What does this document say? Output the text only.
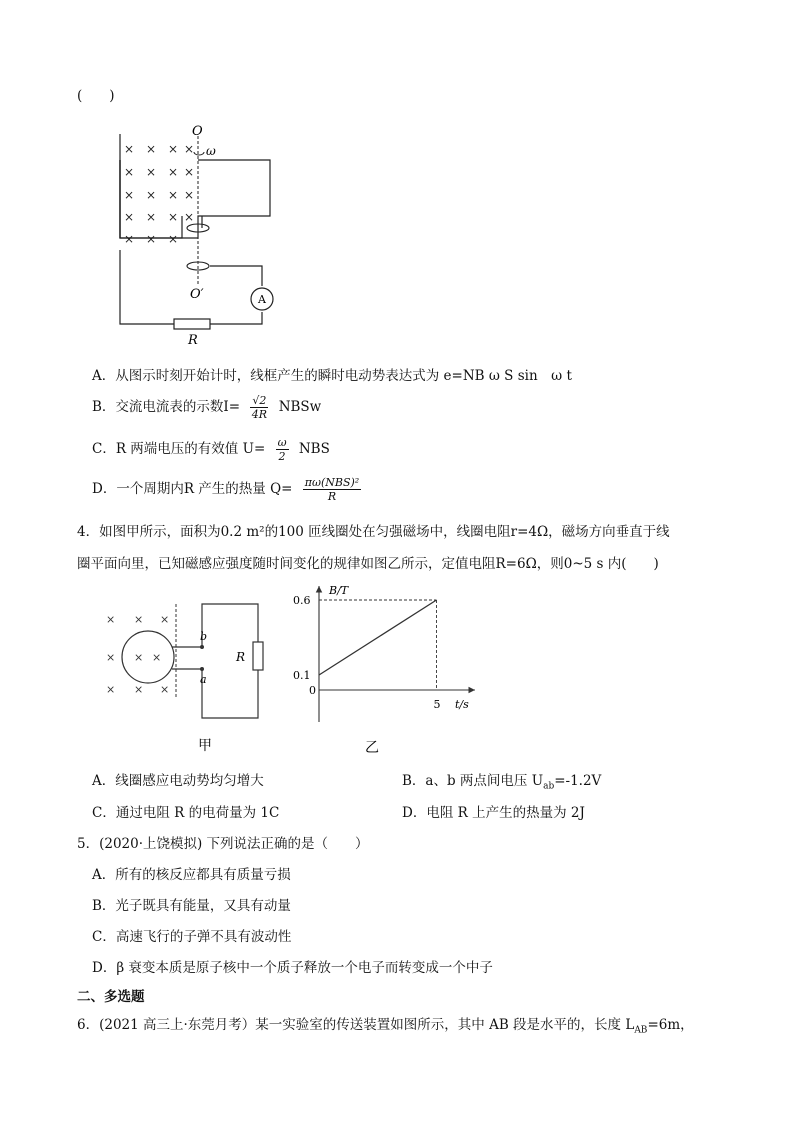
(　　)
A
R
O
ω
O′
× × × ×
× × × ×
× × × ×
× × × ×
× × ×
A．从图示时刻开始计时，线框产生的瞬时电动势表达式为 e=NB ω S sin　ω t
B．交流电流表的示数$I= \frac{√2}{4R}$ NBSw
C．R 两端电压的有效值 $U= \frac{\omega}{2}$ NBS
D．一个周期内R 产生的热量 $Q= \frac{\text{πω(NBS)²}}{R}$
4．如图甲所示，面积为0.2 m²的100 匝线圈处在匀强磁场中，线圈电阻r=4Ω，磁场方向垂直于线
圈平面向里，已知磁感应强度随时间变化的规律如图乙所示，定值电阻R=6Ω，则0~5 s 内(　　)
× × ×
× × ×
× × ×
b
a
R
甲
B/T
t/s
0
0.1
0.6
5
乙
A．线圈感应电动势均匀增大	B．a、b 两点间电压 $U_{ab}=-1.2V$
C．通过电阻 R 的电荷量为 1C	D．电阻 R 上产生的热量为 2J
5．(2020·上饶模拟) 下列说法正确的是（　　）
A．所有的核反应都具有质量亏损
B．光子既具有能量，又具有动量
C．高速飞行的子弹不具有波动性
D．β 衰变本质是原子核中一个质子释放一个电子而转变成一个中子
二、多选题
6．(2021 高三上·东莞月考）某一实验室的传送装置如图所示，其中 AB 段是水平的，长度 $L_{AB}=6m$，
